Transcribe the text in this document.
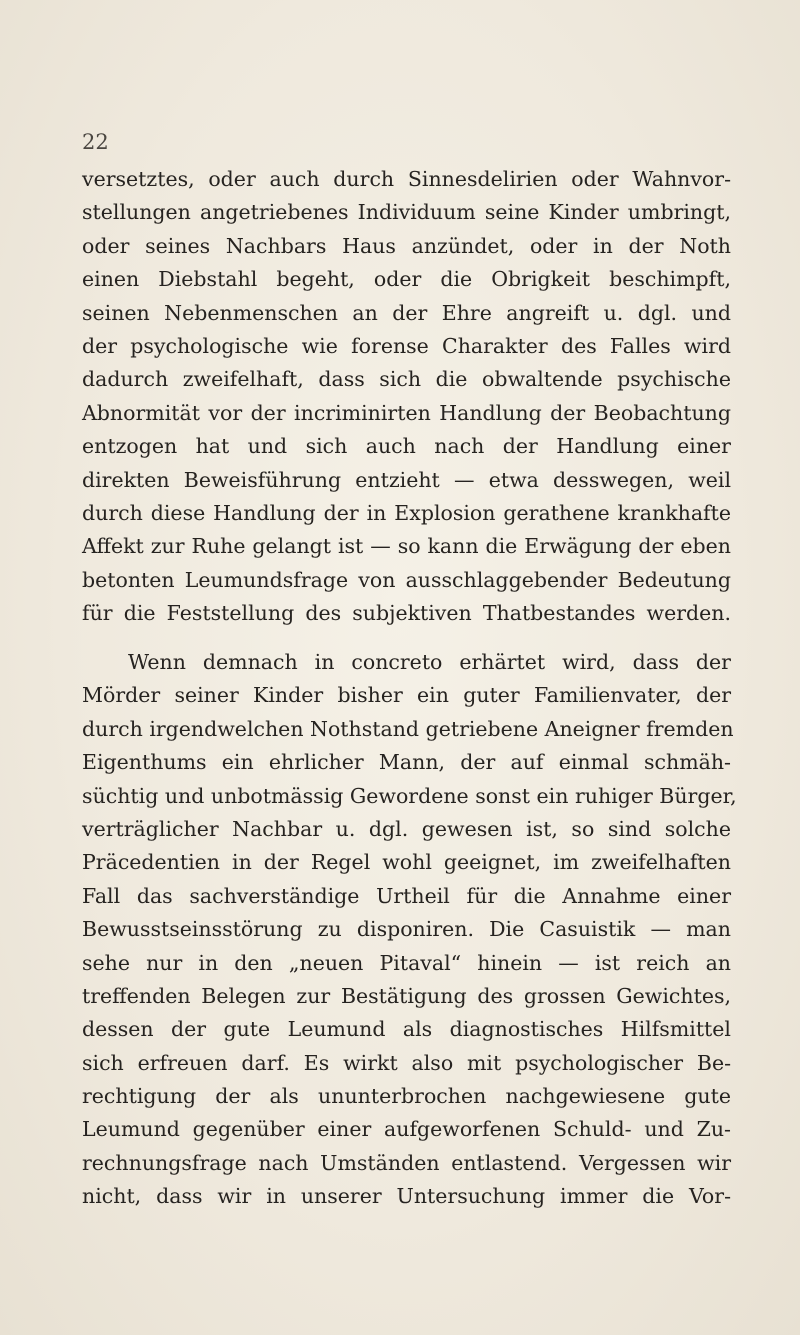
22
versetztes, oder auch durch Sinnesdelirien oder Wahnvor-
stellungen angetriebenes Individuum seine Kinder umbringt,
oder seines Nachbars Haus anzündet, oder in der Noth
einen Diebstahl begeht, oder die Obrigkeit beschimpft,
seinen Nebenmenschen an der Ehre angreift u. dgl. und
der psychologische wie forense Charakter des Falles wird
dadurch zweifelhaft, dass sich die obwaltende psychische
Abnormität vor der incriminirten Handlung der Beobachtung
entzogen hat und sich auch nach der Handlung einer
direkten Beweisführung entzieht — etwa desswegen, weil
durch diese Handlung der in Explosion gerathene krankhafte
Affekt zur Ruhe gelangt ist — so kann die Erwägung der eben
betonten Leumundsfrage von ausschlaggebender Bedeutung
für die Feststellung des subjektiven Thatbestandes werden.
Wenn demnach in concreto erhärtet wird, dass der
Mörder seiner Kinder bisher ein guter Familienvater, der
durch irgendwelchen Nothstand getriebene Aneigner fremden
Eigenthums ein ehrlicher Mann, der auf einmal schmäh-
süchtig und unbotmässig Gewordene sonst ein ruhiger Bürger,
verträglicher Nachbar u. dgl. gewesen ist, so sind solche
Präcedentien in der Regel wohl geeignet, im zweifelhaften
Fall das sachverständige Urtheil für die Annahme einer
Bewusstseinsstörung zu disponiren. Die Casuistik — man
sehe nur in den „neuen Pitaval“ hinein — ist reich an
treffenden Belegen zur Bestätigung des grossen Gewichtes,
dessen der gute Leumund als diagnostisches Hilfsmittel
sich erfreuen darf. Es wirkt also mit psychologischer Be-
rechtigung der als ununterbrochen nachgewiesene gute
Leumund gegenüber einer aufgeworfenen Schuld- und Zu-
rechnungsfrage nach Umständen entlastend. Vergessen wir
nicht, dass wir in unserer Untersuchung immer die Vor-
